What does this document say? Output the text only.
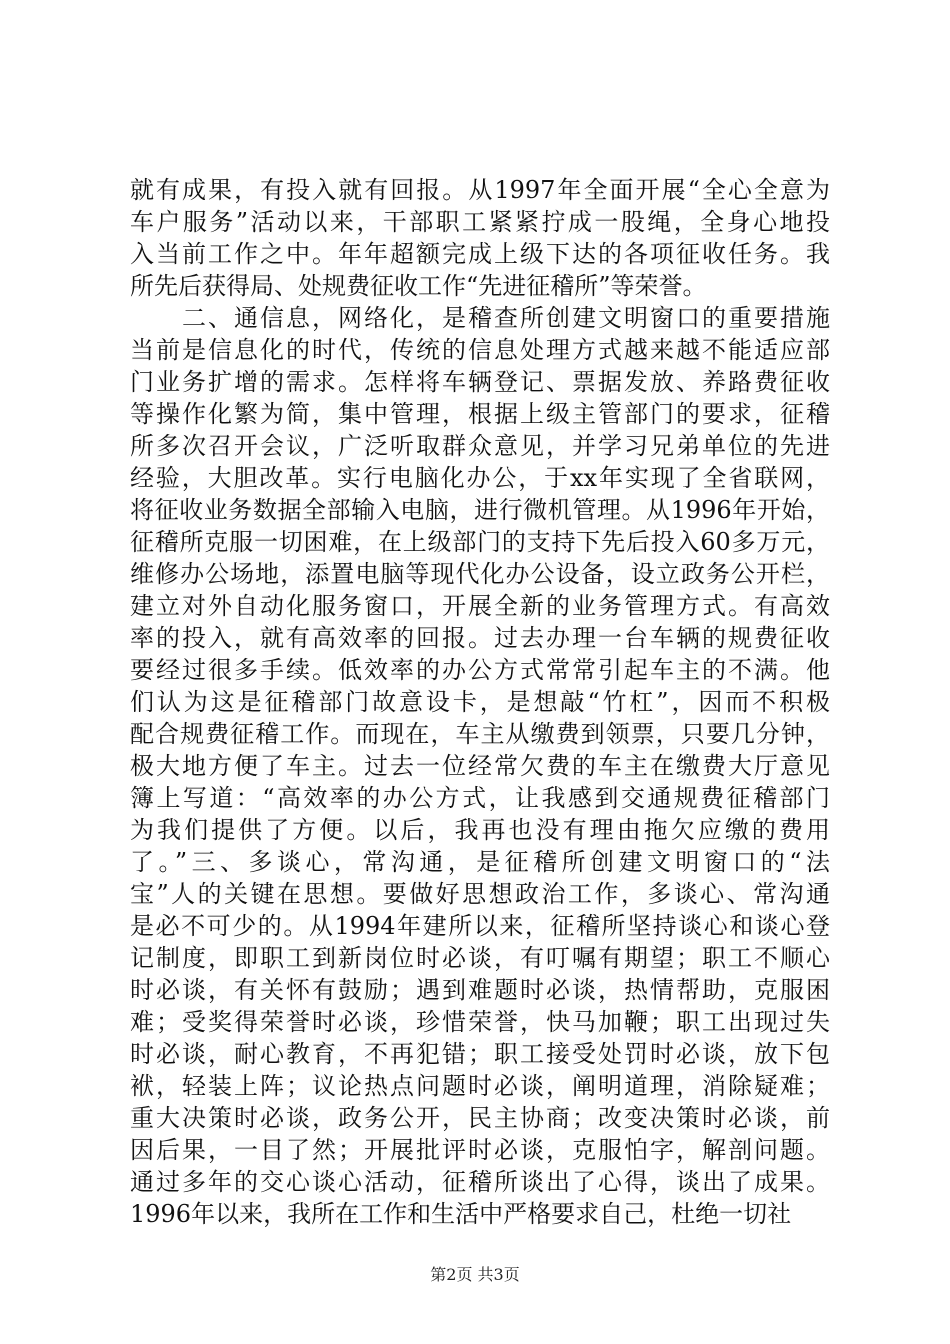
就有成果，有投入就有回报。从1997年全面开展“全心全意为
车户服务”活动以来，干部职工紧紧拧成一股绳，全身心地投
入当前工作之中。年年超额完成上级下达的各项征收任务。我
所先后获得局、处规费征收工作“先进征稽所”等荣誉。
　　二、通信息，网络化，是稽查所创建文明窗口的重要措施
当前是信息化的时代，传统的信息处理方式越来越不能适应部
门业务扩增的需求。怎样将车辆登记、票据发放、养路费征收
等操作化繁为简，集中管理，根据上级主管部门的要求，征稽
所多次召开会议，广泛听取群众意见，并学习兄弟单位的先进
经验，大胆改革。实行电脑化办公，于xx年实现了全省联网，
将征收业务数据全部输入电脑，进行微机管理。从1996年开始，
征稽所克服一切困难，在上级部门的支持下先后投入60多万元，
维修办公场地，添置电脑等现代化办公设备，设立政务公开栏，
建立对外自动化服务窗口，开展全新的业务管理方式。有高效
率的投入，就有高效率的回报。过去办理一台车辆的规费征收
要经过很多手续。低效率的办公方式常常引起车主的不满。他
们认为这是征稽部门故意设卡，是想敲“竹杠”，因而不积极
配合规费征稽工作。而现在，车主从缴费到领票，只要几分钟，
极大地方便了车主。过去一位经常欠费的车主在缴费大厅意见
簿上写道：“高效率的办公方式，让我感到交通规费征稽部门
为我们提供了方便。以后，我再也没有理由拖欠应缴的费用
了。”三、多谈心，常沟通，是征稽所创建文明窗口的“法
宝”人的关键在思想。要做好思想政治工作，多谈心、常沟通
是必不可少的。从1994年建所以来，征稽所坚持谈心和谈心登
记制度，即职工到新岗位时必谈，有叮嘱有期望；职工不顺心
时必谈，有关怀有鼓励；遇到难题时必谈，热情帮助，克服困
难；受奖得荣誉时必谈，珍惜荣誉，快马加鞭；职工出现过失
时必谈，耐心教育，不再犯错；职工接受处罚时必谈，放下包
袱，轻装上阵；议论热点问题时必谈，阐明道理，消除疑难；
重大决策时必谈，政务公开，民主协商；改变决策时必谈，前
因后果，一目了然；开展批评时必谈，克服怕字，解剖问题。
通过多年的交心谈心活动，征稽所谈出了心得，谈出了成果。
1996年以来，我所在工作和生活中严格要求自己，杜绝一切社
第2页 共3页
